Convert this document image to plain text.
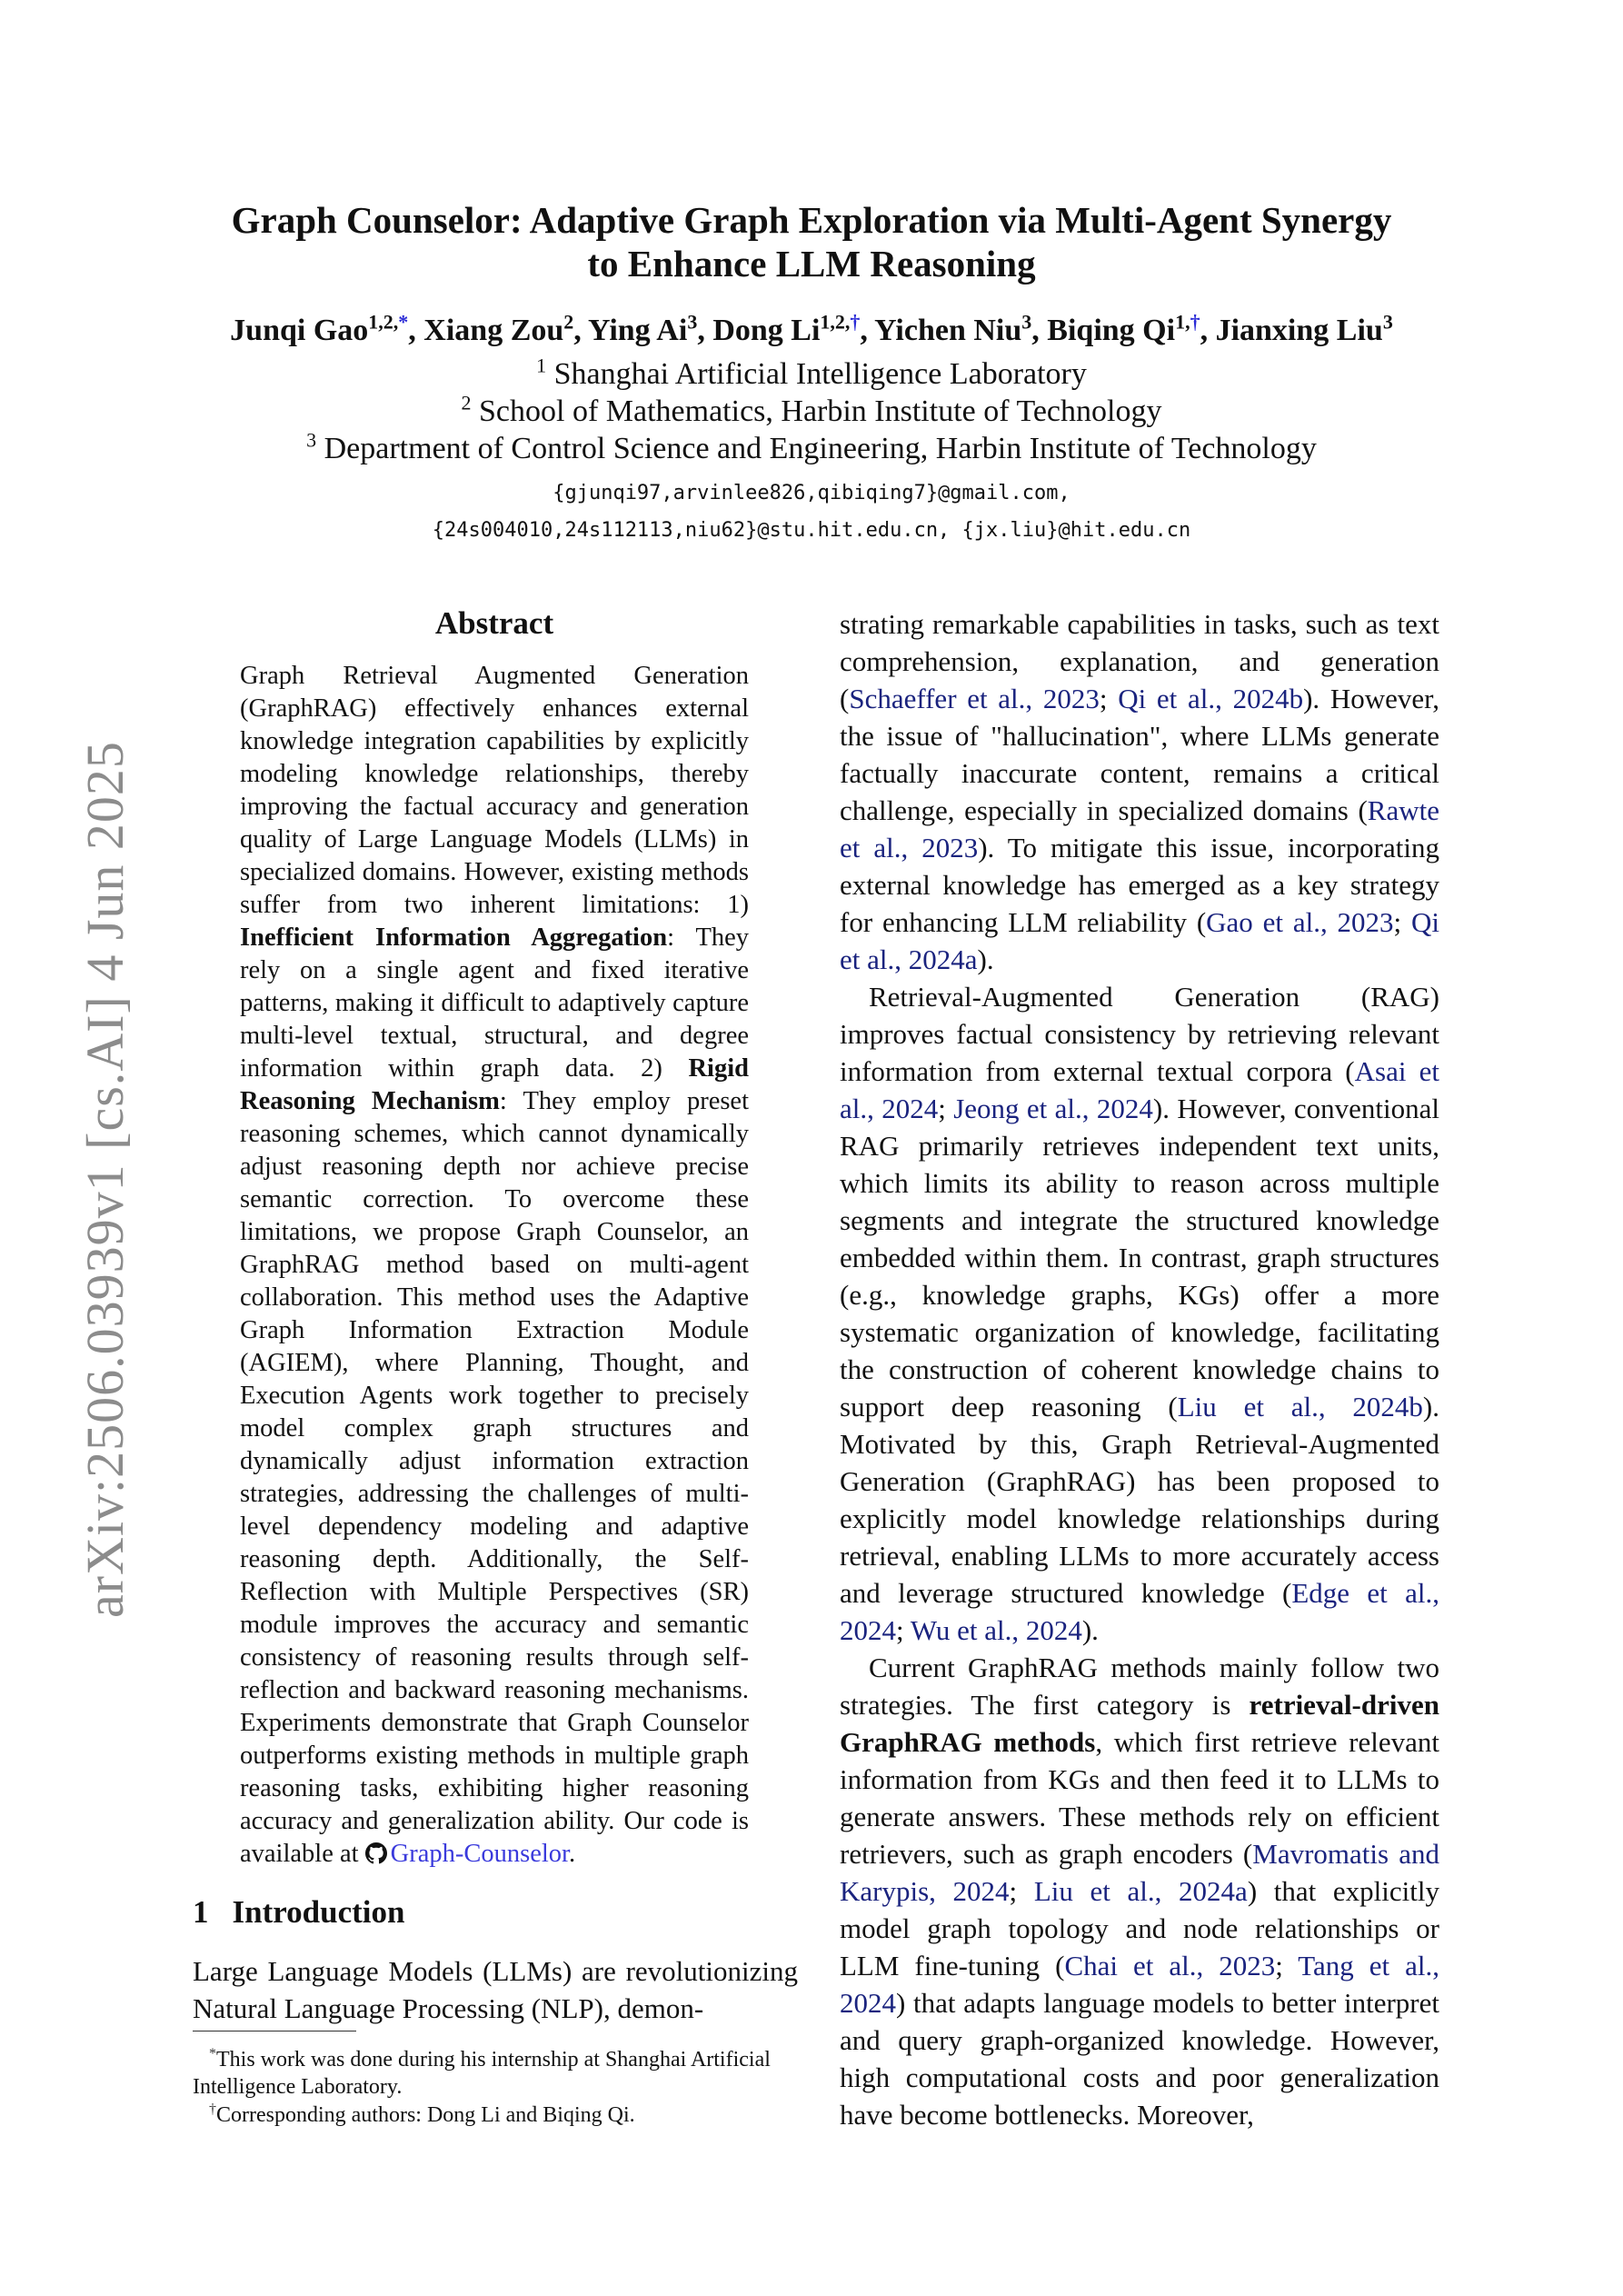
arXiv:2506.03939v1 [cs.AI] 4 Jun 2025
Graph Counselor: Adaptive Graph Exploration via Multi-Agent Synergy
to Enhance LLM Reasoning
Junqi Gao$^{1,2,*}$, Xiang Zou$^2$, Ying Ai$^3$, Dong $Li^{1,2,\dagger}$, Yichen Niu$^3$, Biqing $Qi^{1,\dagger}$, Jianxing Liu$^3$
$^1$ Shanghai Artificial Intelligence Laboratory
$^2$ School of Mathematics, Harbin Institute of Technology
$^3$ Department of Control Science and Engineering, Harbin Institute of Technology
{gjunqi97,arvinlee826,qibiqing7}@gmail.com,
{24s004010,24s112113,niu62}@stu.hit.edu.cn, {jx.liu}@hit.edu.cn
Abstract
Graph Retrieval Augmented Generation (GraphRAG) effectively enhances external knowledge integration capabilities by explicitly modeling knowledge relationships, thereby improving the factual accuracy and generation quality of Large Language Models (LLMs) in specialized domains. However, existing methods suffer from two inherent limitations: 1) Inefficient Information Aggregation: They rely on a single agent and fixed iterative patterns, making it difficult to adaptively capture multi-level textual, structural, and degree information within graph data. 2) Rigid Reasoning Mechanism: They employ preset reasoning schemes, which cannot dynamically adjust reasoning depth nor achieve precise semantic correction. To overcome these limitations, we propose Graph Counselor, an GraphRAG method based on multi-agent collaboration. This method uses the Adaptive Graph Information Extraction Module (AGIEM), where Planning, Thought, and Execution Agents work together to precisely model complex graph structures and dynamically adjust information extraction strategies, addressing the challenges of multi-level dependency modeling and adaptive reasoning depth. Additionally, the Self-Reflection with Multiple Perspectives (SR) module improves the accuracy and semantic consistency of reasoning results through self-reflection and backward reasoning mechanisms. Experiments demonstrate that Graph Counselor outperforms existing methods in multiple graph reasoning tasks, exhibiting higher reasoning accuracy and generalization ability. Our code is available at Graph-Counselor.
1 Introduction
Large Language Models (LLMs) are revolutionizing Natural Language Processing (NLP), demon-
*This work was done during his internship at Shanghai Artificial Intelligence Laboratory.
†Corresponding authors: Dong Li and Biqing Qi.

strating remarkable capabilities in tasks, such as text comprehension, explanation, and generation (Schaeffer et al., 2023; Qi et al., 2024b). However, the issue of "hallucination", where LLMs generate factually inaccurate content, remains a critical challenge, especially in specialized domains (Rawte et al., 2023). To mitigate this issue, incorporating external knowledge has emerged as a key strategy for enhancing LLM reliability (Gao et al., 2023; Qi et al., 2024a).

Retrieval-Augmented Generation (RAG) improves factual consistency by retrieving relevant information from external textual corpora (Asai et al., 2024; Jeong et al., 2024). However, conventional RAG primarily retrieves independent text units, which limits its ability to reason across multiple segments and integrate the structured knowledge embedded within them. In contrast, graph structures (e.g., knowledge graphs, KGs) offer a more systematic organization of knowledge, facilitating the construction of coherent knowledge chains to support deep reasoning (Liu et al., 2024b). Motivated by this, Graph Retrieval-Augmented Generation (GraphRAG) has been proposed to explicitly model knowledge relationships during retrieval, enabling LLMs to more accurately access and leverage structured knowledge (Edge et al., 2024; Wu et al., 2024).

Current GraphRAG methods mainly follow two strategies. The first category is retrieval-driven GraphRAG methods, which first retrieve relevant information from KGs and then feed it to LLMs to generate answers. These methods rely on efficient retrievers, such as graph encoders (Mavromatis and Karypis, 2024; Liu et al., 2024a) that explicitly model graph topology and node relationships or LLM fine-tuning (Chai et al., 2023; Tang et al., 2024) that adapts language models to better interpret and query graph-organized knowledge. However, high computational costs and poor generalization have become bottlenecks. Moreover,
